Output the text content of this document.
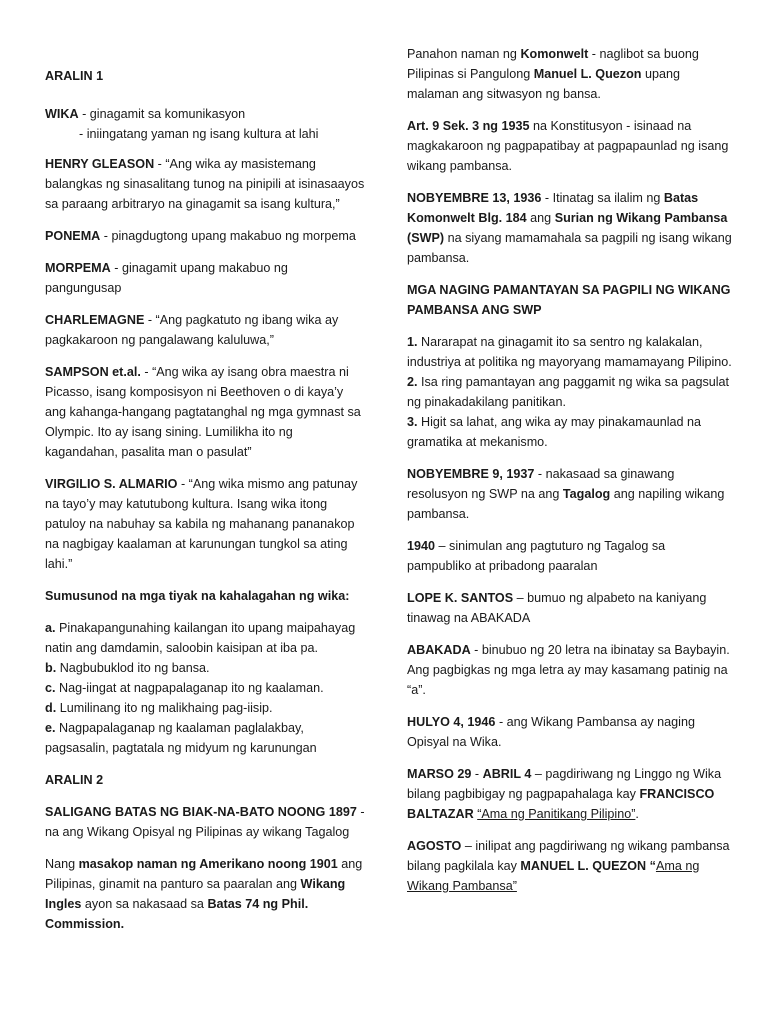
ARALIN 1

WIKA - ginagamit sa komunikasyon
- iniingatang yaman ng isang kultura at lahi

HENRY GLEASON - “Ang wika ay masistemang balangkas ng sinasalitang tunog na pinipili at isinasaayos sa paraang arbitraryo na ginagamit sa isang kultura,”

PONEMA - pinagdugtong upang makabuo ng morpema

MORPEMA - ginagamit upang makabuo ng pangungusap

CHARLEMAGNE - “Ang pagkatuto ng ibang wika ay pagkakaroon ng pangalawang kaluluwa,”

SAMPSON et.al. - “Ang wika ay isang obra maestra ni Picasso, isang komposisyon ni Beethoven o di kaya’y ang kahanga-hangang pagtatanghal ng mga gymnast sa Olympic. Ito ay isang sining. Lumilikha ito ng kagandahan, pasalita man o pasulat”

VIRGILIO S. ALMARIO - “Ang wika mismo ang patunay na tayo’y may katutubong kultura. Isang wika itong patuloy na nabuhay sa kabila ng mahanang pananakop na nagbigay kaalaman at karunungan tungkol sa ating lahi.”

Sumusunod na mga tiyak na kahalagahan ng wika:

a. Pinakapangunahing kailangan ito upang maipahayag natin ang damdamin, saloobin kaisipan at iba pa.
b. Nagbubuklod ito ng bansa.
c. Nag-iingat at nagpapalaganap ito ng kaalaman.
d. Lumilinang ito ng malikhaing pag-iisip.
e. Nagpapalaganap ng kaalaman paglalakbay, pagsasalin, pagtatala ng midyum ng karunungan

ARALIN 2

SALIGANG BATAS NG BIAK-NA-BATO NOONG 1897 - na ang Wikang Opisyal ng Pilipinas ay wikang Tagalog

Nang masakop naman ng Amerikano noong 1901 ang Pilipinas, ginamit na panturo sa paaralan ang Wikang Ingles ayon sa nakasaad sa Batas 74 ng Phil. Commission.

Panahon naman ng Komonwelt - naglibot sa buong Pilipinas si Pangulong Manuel L. Quezon upang malaman ang sitwasyon ng bansa.

Art. 9 Sek. 3 ng 1935 na Konstitusyon - isinaad na magkakaroon ng pagpapatibay at pagpapaunlad ng isang wikang pambansa.

NOBYEMBRE 13, 1936 - Itinatag sa ilalim ng Batas Komonwelt Blg. 184 ang Surian ng Wikang Pambansa (SWP) na siyang mamamahala sa pagpili ng isang wikang pambansa.

MGA NAGING PAMANTAYAN SA PAGPILI NG WIKANG PAMBANSA ANG SWP

1. Nararapat na ginagamit ito sa sentro ng kalakalan, industriya at politika ng mayoryang mamamayang Pilipino.
2. Isa ring pamantayan ang paggamit ng wika sa pagsulat ng pinakadakilang panitikan.
3. Higit sa lahat, ang wika ay may pinakamaunlad na gramatika at mekanismo.

NOBYEMBRE 9, 1937 - nakasaad sa ginawang resolusyon ng SWP na ang Tagalog ang napiling wikang pambansa.

1940 – sinimulan ang pagtuturo ng Tagalog sa pampubliko at pribadong paaralan

LOPE K. SANTOS – bumuo ng alpabeto na kaniyang tinawag na ABAKADA

ABAKADA - binubuo ng 20 letra na ibinatay sa Baybayin. Ang pagbigkas ng mga letra ay may kasamang patinig na “a”.

HULYO 4, 1946 - ang Wikang Pambansa ay naging Opisyal na Wika.

MARSO 29 - ABRIL 4 – pagdiriwang ng Linggo ng Wika bilang pagbibigay ng pagpapahalaga kay FRANCISCO BALTAZAR “Ama ng Panitikang Pilipino”.

AGOSTO – inilipat ang pagdiriwang ng wikang pambansa bilang pagkilala kay MANUEL L. QUEZON “Ama ng Wikang Pambansa”
